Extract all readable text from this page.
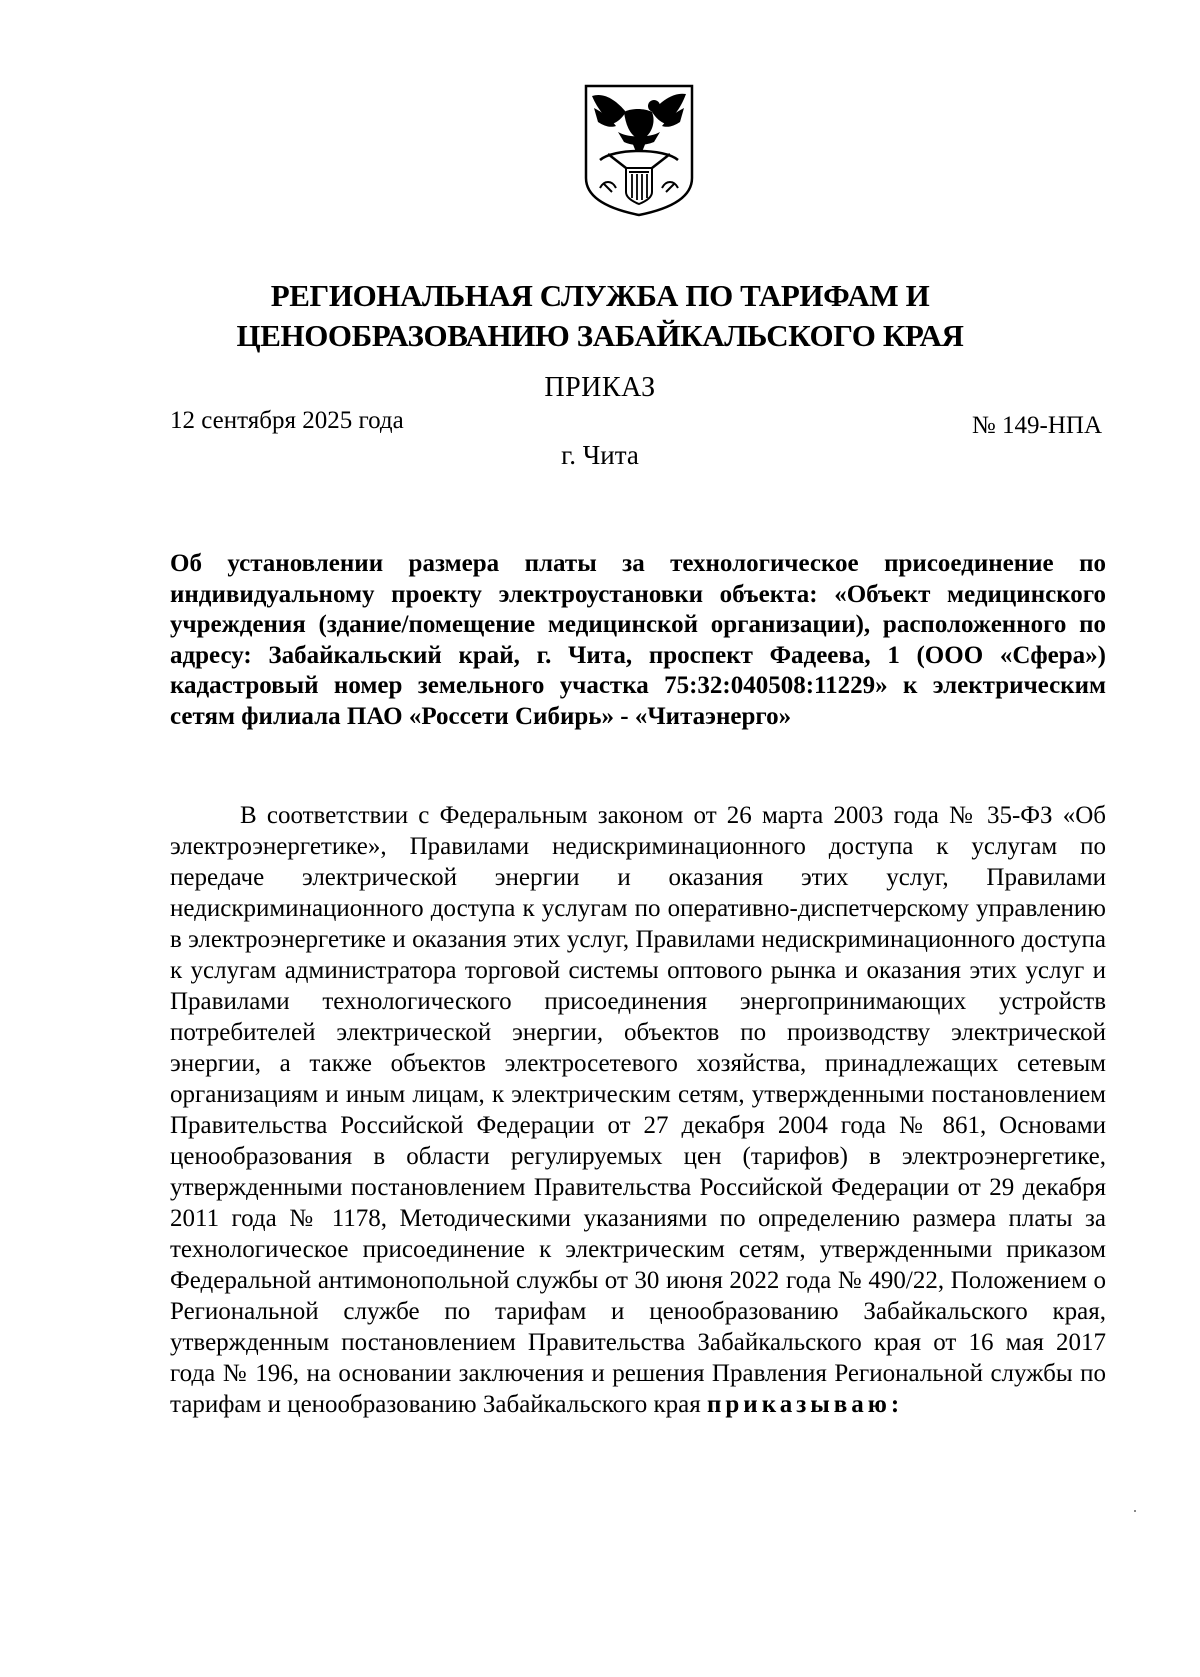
РЕГИОНАЛЬНАЯ СЛУЖБА ПО ТАРИФАМ И
ЦЕНООБРАЗОВАНИЮ ЗАБАЙКАЛЬСКОГО КРАЯ
ПРИКАЗ
12 сентября 2025 года	№ 149-НПА
г. Чита
Об установлении размера платы за технологическое присоединение по индивидуальному проекту электроустановки объекта: «Объект медицинского учреждения (здание/помещение медицинской организации), расположенного по адресу: Забайкальский край, г. Чита, проспект Фадеева, 1 (ООО «Сфера») кадастровый номер земельного участка 75:32:040508:11229» к электрическим сетям филиала ПАО «Россети Сибирь» - «Читаэнерго»
В соответствии с Федеральным законом от 26 марта 2003 года № 35-ФЗ «Об электроэнергетике», Правилами недискриминационного доступа к услугам по передаче электрической энергии и оказания этих услуг, Правилами недискриминационного доступа к услугам по оперативно-диспетчерскому управлению в электроэнергетике и оказания этих услуг, Правилами недискриминационного доступа к услугам администратора торговой системы оптового рынка и оказания этих услуг и Правилами технологического присоединения энергопринимающих устройств потребителей электрической энергии, объектов по производству электрической энергии, а также объектов электросетевого хозяйства, принадлежащих сетевым организациям и иным лицам, к электрическим сетям, утвержденными постановлением Правительства Российской Федерации от 27 декабря 2004 года № 861, Основами ценообразования в области регулируемых цен (тарифов) в электроэнергетике, утвержденными постановлением Правительства Российской Федерации от 29 декабря 2011 года № 1178, Методическими указаниями по определению размера платы за технологическое присоединение к электрическим сетям, утвержденными приказом Федеральной антимонопольной службы от 30 июня 2022 года № 490/22, Положением о Региональной службе по тарифам и ценообразованию Забайкальского края, утвержденным постановлением Правительства Забайкальского края от 16 мая 2017 года № 196, на основании заключения и решения Правления Региональной службы по тарифам и ценообразованию Забайкальского края приказываю:
